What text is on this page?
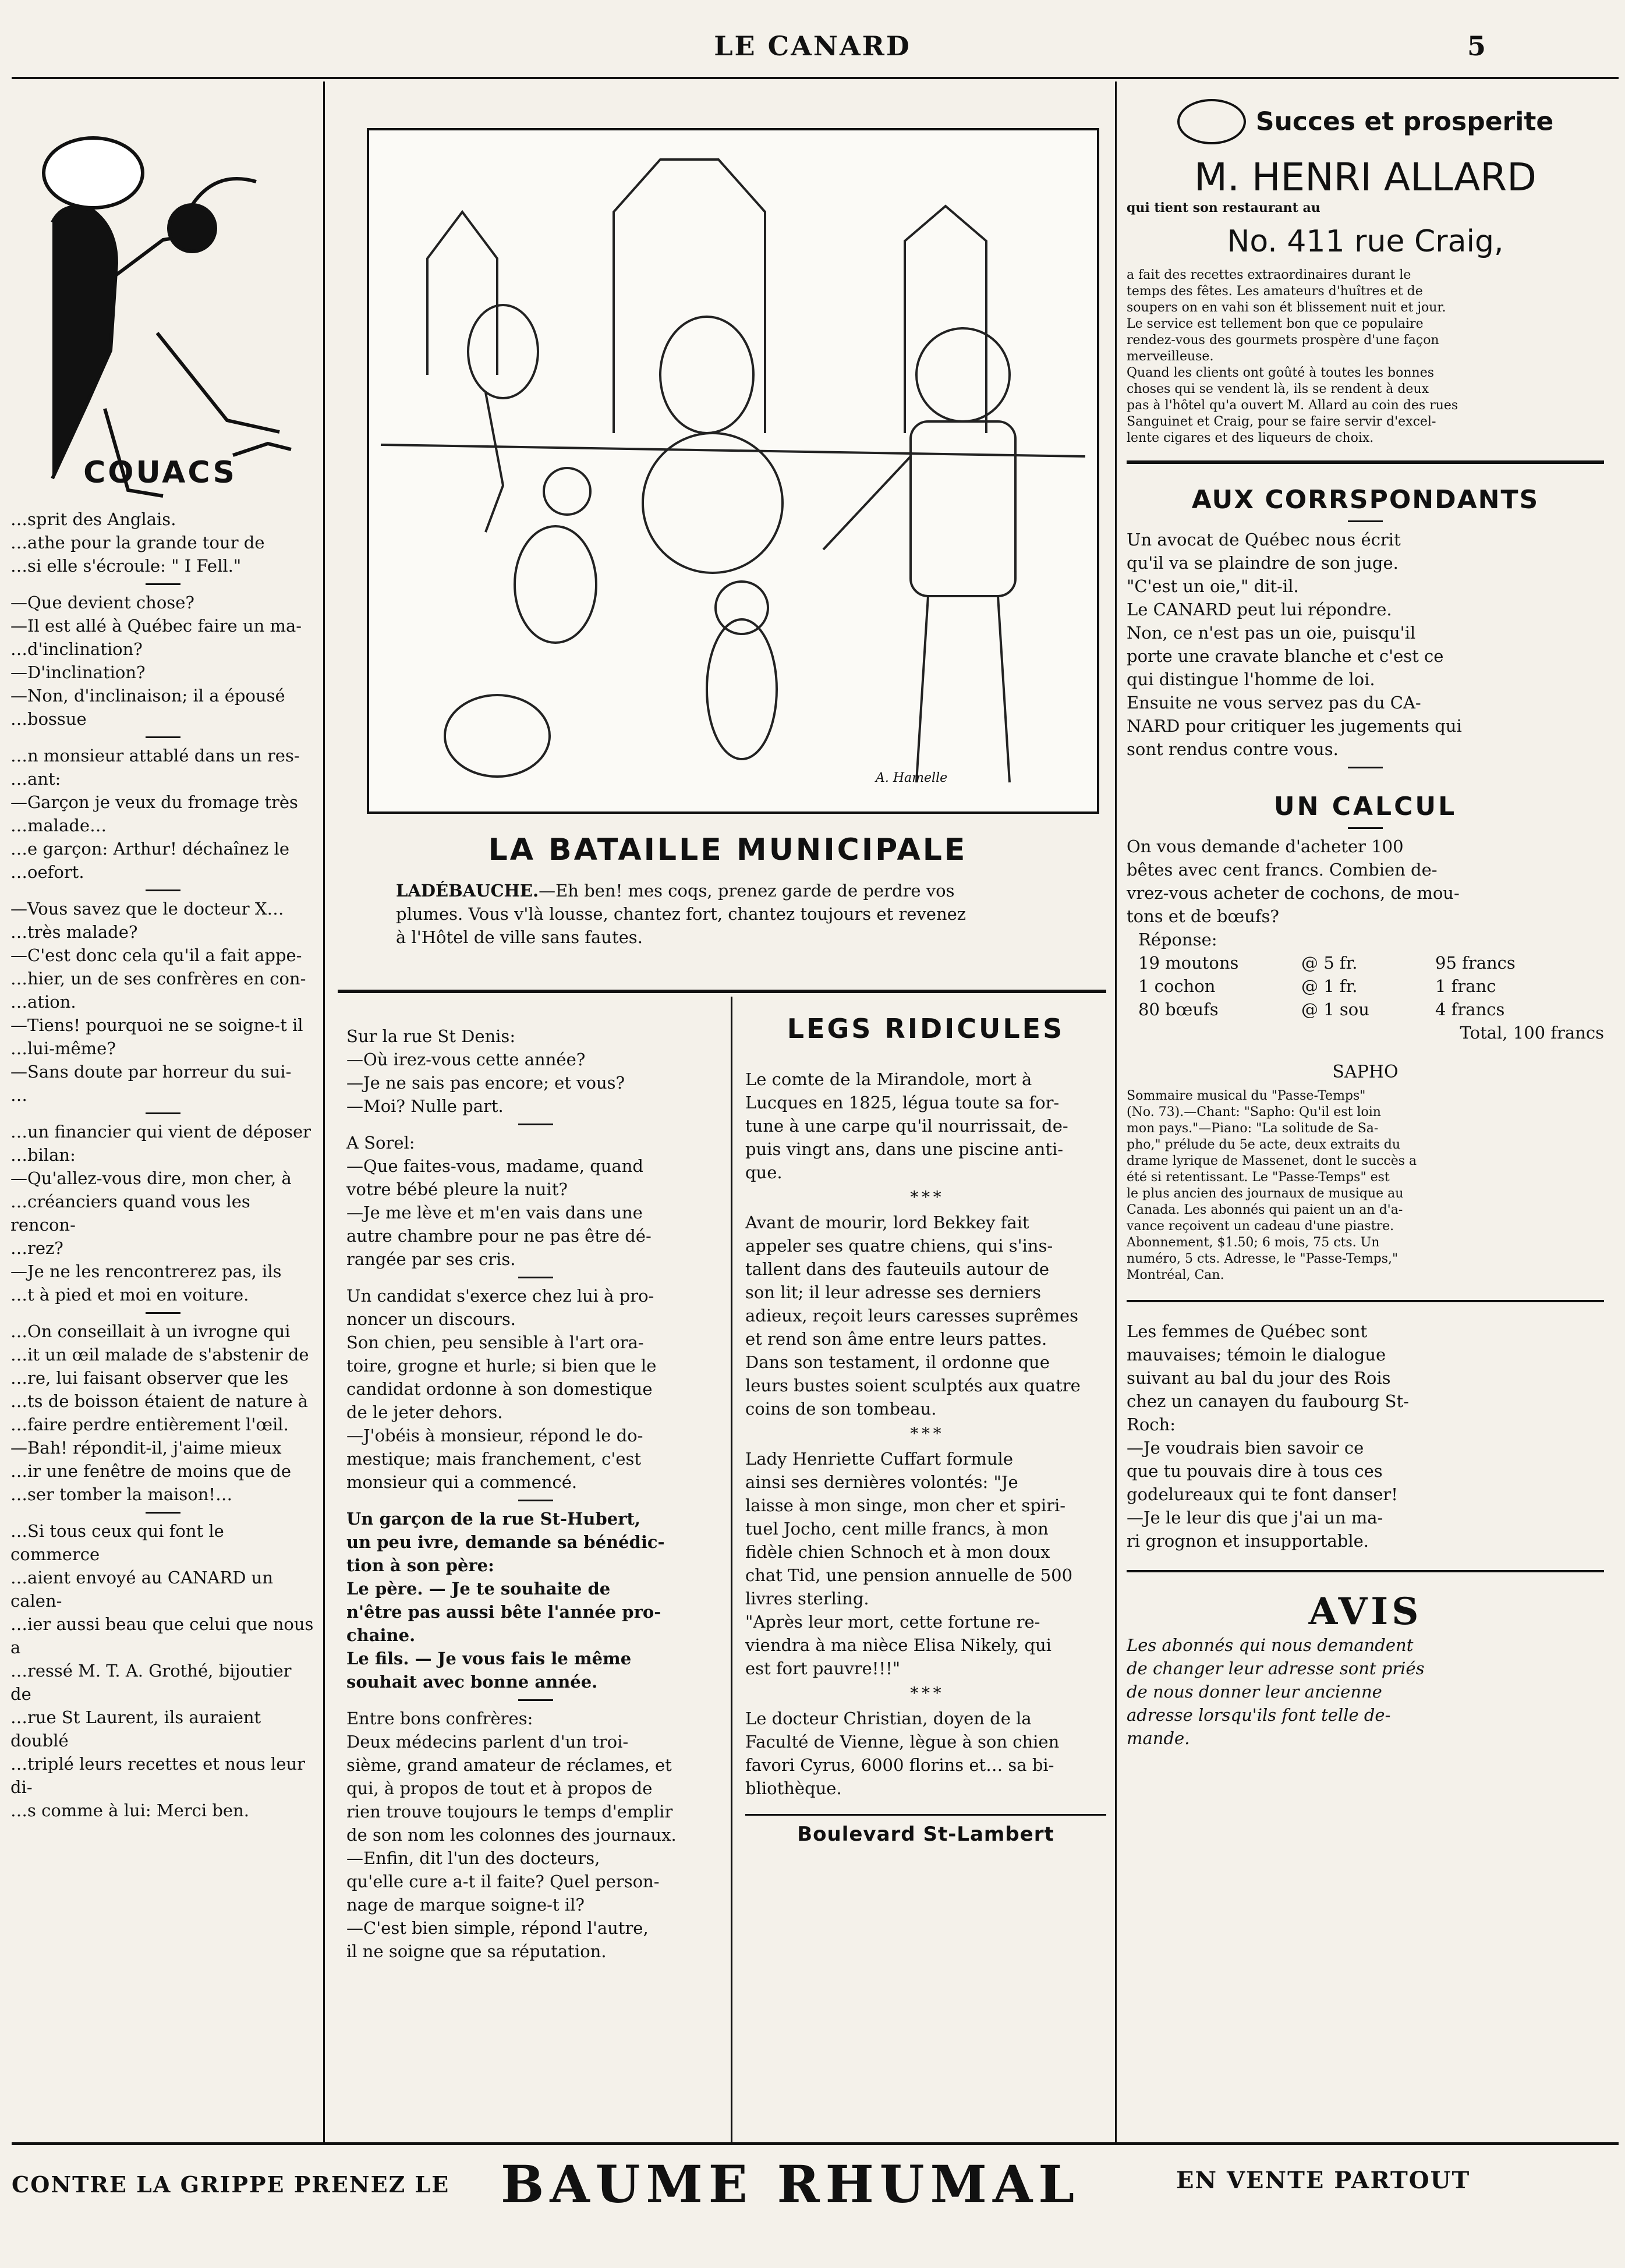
LE CANARD	5
COUACS
…sprit des Anglais.
…athe pour la grande tour de
…si elle s'écroule: " I Fell."
—Que devient chose?
—Il est allé à Québec faire un ma-
…d'inclination?
—D'inclination?
—Non, d'inclinaison; il a épousé
…bossue
…n monsieur attablé dans un res-
…ant:
—Garçon je veux du fromage très
…malade…
…e garçon: Arthur! déchaînez le
…oefort.
—Vous savez que le docteur X…
…très malade?
—C'est donc cela qu'il a fait appe-
…hier, un de ses confrères en con-
…ation.
—Tiens! pourquoi ne se soigne-t il
…lui-même?
—Sans doute par horreur du sui-
…
…un financier qui vient de déposer
…bilan:
—Qu'allez-vous dire, mon cher, à
…créanciers quand vous les rencon-
…rez?
—Je ne les rencontrerez pas, ils
…t à pied et moi en voiture.
…On conseillait à un ivrogne qui
…it un œil malade de s'abstenir de
…re, lui faisant observer que les
…ts de boisson étaient de nature à
…faire perdre entièrement l'œil.
—Bah! répondit-il, j'aime mieux
…ir une fenêtre de moins que de
…ser tomber la maison!…
…Si tous ceux qui font le commerce
…aient envoyé au CANARD un calen-
…ier aussi beau que celui que nous a
…ressé M. T. A. Grothé, bijoutier de
…rue St Laurent, ils auraient doublé
…triplé leurs recettes et nous leur di-
…s comme à lui: Merci ben.
A. Hamelle
LA BATAILLE MUNICIPALE
LADÉBAUCHE.—Eh ben! mes coqs, prenez garde de perdre vos
plumes. Vous v'là lousse, chantez fort, chantez toujours et revenez
à l'Hôtel de ville sans fautes.
Sur la rue St Denis:
—Où irez-vous cette année?
—Je ne sais pas encore; et vous?
—Moi? Nulle part.
A Sorel:
—Que faites-vous, madame, quand
votre bébé pleure la nuit?
—Je me lève et m'en vais dans une
autre chambre pour ne pas être dé-
rangée par ses cris.
Un candidat s'exerce chez lui à pro-
noncer un discours.
Son chien, peu sensible à l'art ora-
toire, grogne et hurle; si bien que le
candidat ordonne à son domestique
de le jeter dehors.
—J'obéis à monsieur, répond le do-
mestique; mais franchement, c'est
monsieur qui a commencé.
Un garçon de la rue St-Hubert,
un peu ivre, demande sa bénédic-
tion à son père:
Le père. — Je te souhaite de
n'être pas aussi bête l'année pro-
chaine.
Le fils. — Je vous fais le même
souhait avec bonne année.
Entre bons confrères:
Deux médecins parlent d'un troi-
sième, grand amateur de réclames, et
qui, à propos de tout et à propos de
rien trouve toujours le temps d'emplir
de son nom les colonnes des journaux.
—Enfin, dit l'un des docteurs,
qu'elle cure a-t il faite? Quel person-
nage de marque soigne-t il?
—C'est bien simple, répond l'autre,
il ne soigne que sa réputation.
LEGS RIDICULES
Le comte de la Mirandole, mort à
Lucques en 1825, légua toute sa for-
tune à une carpe qu'il nourrissait, de-
puis vingt ans, dans une piscine anti-
que.
* * *
Avant de mourir, lord Bekkey fait
appeler ses quatre chiens, qui s'ins-
tallent dans des fauteuils autour de
son lit; il leur adresse ses derniers
adieux, reçoit leurs caresses suprêmes
et rend son âme entre leurs pattes.
Dans son testament, il ordonne que
leurs bustes soient sculptés aux quatre
coins de son tombeau.
* * *
Lady Henriette Cuffart formule
ainsi ses dernières volontés: "Je
laisse à mon singe, mon cher et spiri-
tuel Jocho, cent mille francs, à mon
fidèle chien Schnoch et à mon doux
chat Tid, une pension annuelle de 500
livres sterling.
"Après leur mort, cette fortune re-
viendra à ma nièce Elisa Nikely, qui
est fort pauvre!!!"
* * *
Le docteur Christian, doyen de la
Faculté de Vienne, lègue à son chien
favori Cyrus, 6000 florins et… sa bi-
bliothèque.
Boulevard St-Lambert
Succes et prosperite
M. HENRI ALLARD
qui tient son restaurant au
No. 411 rue Craig,
a fait des recettes extraordinaires durant le
temps des fêtes. Les amateurs d'huîtres et de
soupers on en vahi son ét blissement nuit et jour.
Le service est tellement bon que ce populaire
rendez-vous des gourmets prospère d'une façon
merveilleuse.
Quand les clients ont goûté à toutes les bonnes
choses qui se vendent là, ils se rendent à deux
pas à l'hôtel qu'a ouvert M. Allard au coin des rues
Sanguinet et Craig, pour se faire servir d'excel-
lente cigares et des liqueurs de choix.
AUX CORRSPONDANTS
Un avocat de Québec nous écrit
qu'il va se plaindre de son juge.
"C'est un oie," dit-il.
Le CANARD peut lui répondre.
Non, ce n'est pas un oie, puisqu'il
porte une cravate blanche et c'est ce
qui distingue l'homme de loi.
Ensuite ne vous servez pas du CA-
NARD pour critiquer les jugements qui
sont rendus contre vous.
UN CALCUL
On vous demande d'acheter 100
bêtes avec cent francs. Combien de-
vrez-vous acheter de cochons, de mou-
tons et de bœufs?
Réponse:
19 moutons	@ 5 fr.	95 francs
1 cochon	@ 1 fr.	1 franc
80 bœufs	@ 1 sou	4 francs
Total, 100 francs
SAPHO
Sommaire musical du "Passe-Temps"
(No. 73).—Chant: "Sapho: Qu'il est loin
mon pays."—Piano: "La solitude de Sa-
pho," prélude du 5e acte, deux extraits du
drame lyrique de Massenet, dont le succès a
été si retentissant. Le "Passe-Temps" est
le plus ancien des journaux de musique au
Canada. Les abonnés qui paient un an d'a-
vance reçoivent un cadeau d'une piastre.
Abonnement, $1.50; 6 mois, 75 cts. Un
numéro, 5 cts. Adresse, le "Passe-Temps,"
Montréal, Can.
Les femmes de Québec sont
mauvaises; témoin le dialogue
suivant au bal du jour des Rois
chez un canayen du faubourg St-
Roch:
—Je voudrais bien savoir ce
que tu pouvais dire à tous ces
godelureaux qui te font danser!
—Je le leur dis que j'ai un ma-
ri grognon et insupportable.
AVIS
Les abonnés qui nous demandent
de changer leur adresse sont priés
de nous donner leur ancienne
adresse lorsqu'ils font telle de-
mande.
CONTRE LA GRIPPE PRENEZ LE BAUME RHUMAL	EN VENTE PARTOUT
